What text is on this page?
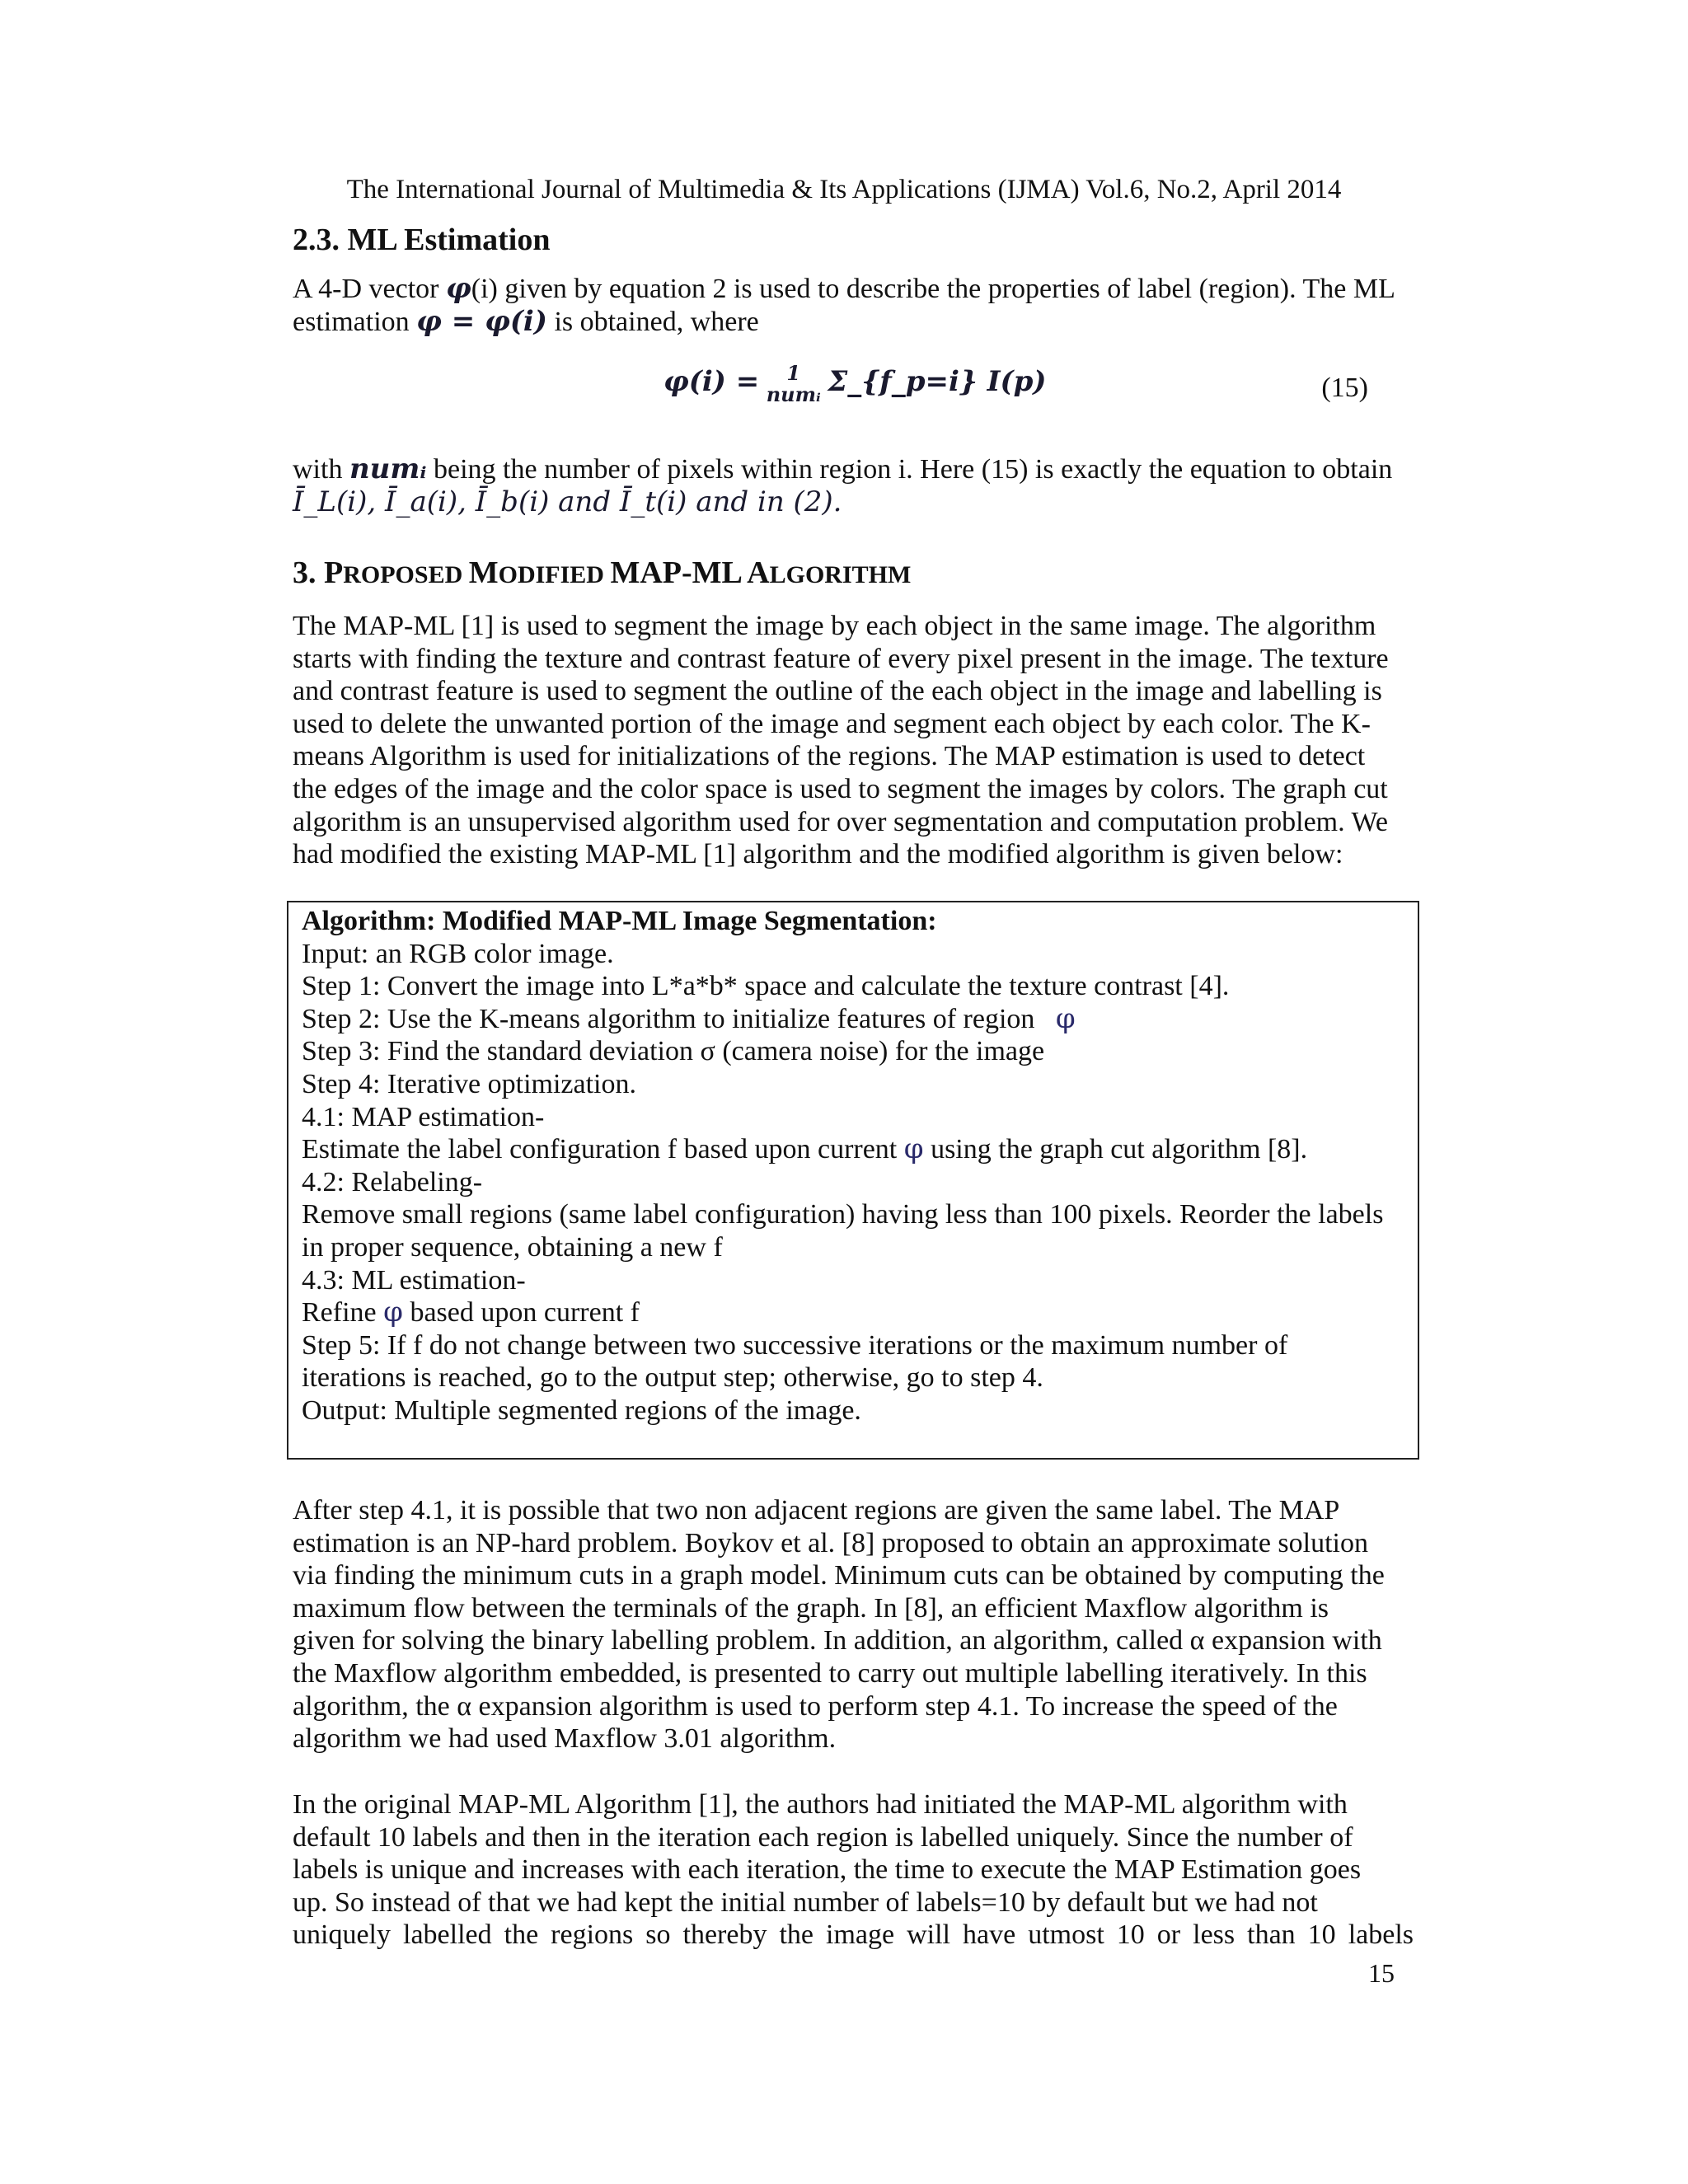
The International Journal of Multimedia & Its Applications (IJMA) Vol.6, No.2, April 2014
2.3. ML Estimation
A 4-D vector φ(i) given by equation 2 is used to describe the properties of label (region). The ML
estimation φ = φ(i) is obtained, where
φ(i) =	1
numᵢ Σ_{f_p=i} I(p)	(15)
with numᵢ being the number of pixels within region i. Here (15) is exactly the equation to obtain
Ī_L(i), Ī_a(i), Ī_b(i) and Ī_t(i) and in (2).
3. PROPOSED MODIFIED MAP-ML ALGORITHM
The MAP-ML [1] is used to segment the image by each object in the same image. The algorithm
starts with finding the texture and contrast feature of every pixel present in the image. The texture
and contrast feature is used to segment the outline of the each object in the image and labelling is
used to delete the unwanted portion of the image and segment each object by each color. The K-
means Algorithm is used for initializations of the regions. The MAP estimation is used to detect
the edges of the image and the color space is used to segment the images by colors. The graph cut
algorithm is an unsupervised algorithm used for over segmentation and computation problem. We
had modified the existing MAP-ML [1] algorithm and the modified algorithm is given below:
Algorithm: Modified MAP-ML Image Segmentation:
Input: an RGB color image.
Step 1: Convert the image into L*a*b* space and calculate the texture contrast [4].
Step 2: Use the K-means algorithm to initialize features of region φ
Step 3: Find the standard deviation σ (camera noise) for the image
Step 4: Iterative optimization.
4.1: MAP estimation-
Estimate the label configuration f based upon current φ using the graph cut algorithm [8].
4.2: Relabeling-
Remove small regions (same label configuration) having less than 100 pixels. Reorder the labels
in proper sequence, obtaining a new f
4.3: ML estimation-
Refine φ based upon current f
Step 5: If f do not change between two successive iterations or the maximum number of
iterations is reached, go to the output step; otherwise, go to step 4.
Output: Multiple segmented regions of the image.
After step 4.1, it is possible that two non adjacent regions are given the same label. The MAP
estimation is an NP-hard problem. Boykov et al. [8] proposed to obtain an approximate solution
via finding the minimum cuts in a graph model. Minimum cuts can be obtained by computing the
maximum flow between the terminals of the graph. In [8], an efficient Maxflow algorithm is
given for solving the binary labelling problem. In addition, an algorithm, called α expansion with
the Maxflow algorithm embedded, is presented to carry out multiple labelling iteratively. In this
algorithm, the α expansion algorithm is used to perform step 4.1. To increase the speed of the
algorithm we had used Maxflow 3.01 algorithm.
In the original MAP-ML Algorithm [1], the authors had initiated the MAP-ML algorithm with
default 10 labels and then in the iteration each region is labelled uniquely. Since the number of
labels is unique and increases with each iteration, the time to execute the MAP Estimation goes
up. So instead of that we had kept the initial number of labels=10 by default but we had not
uniquely labelled the regions so thereby the image will have utmost 10 or less than 10 labels
15
